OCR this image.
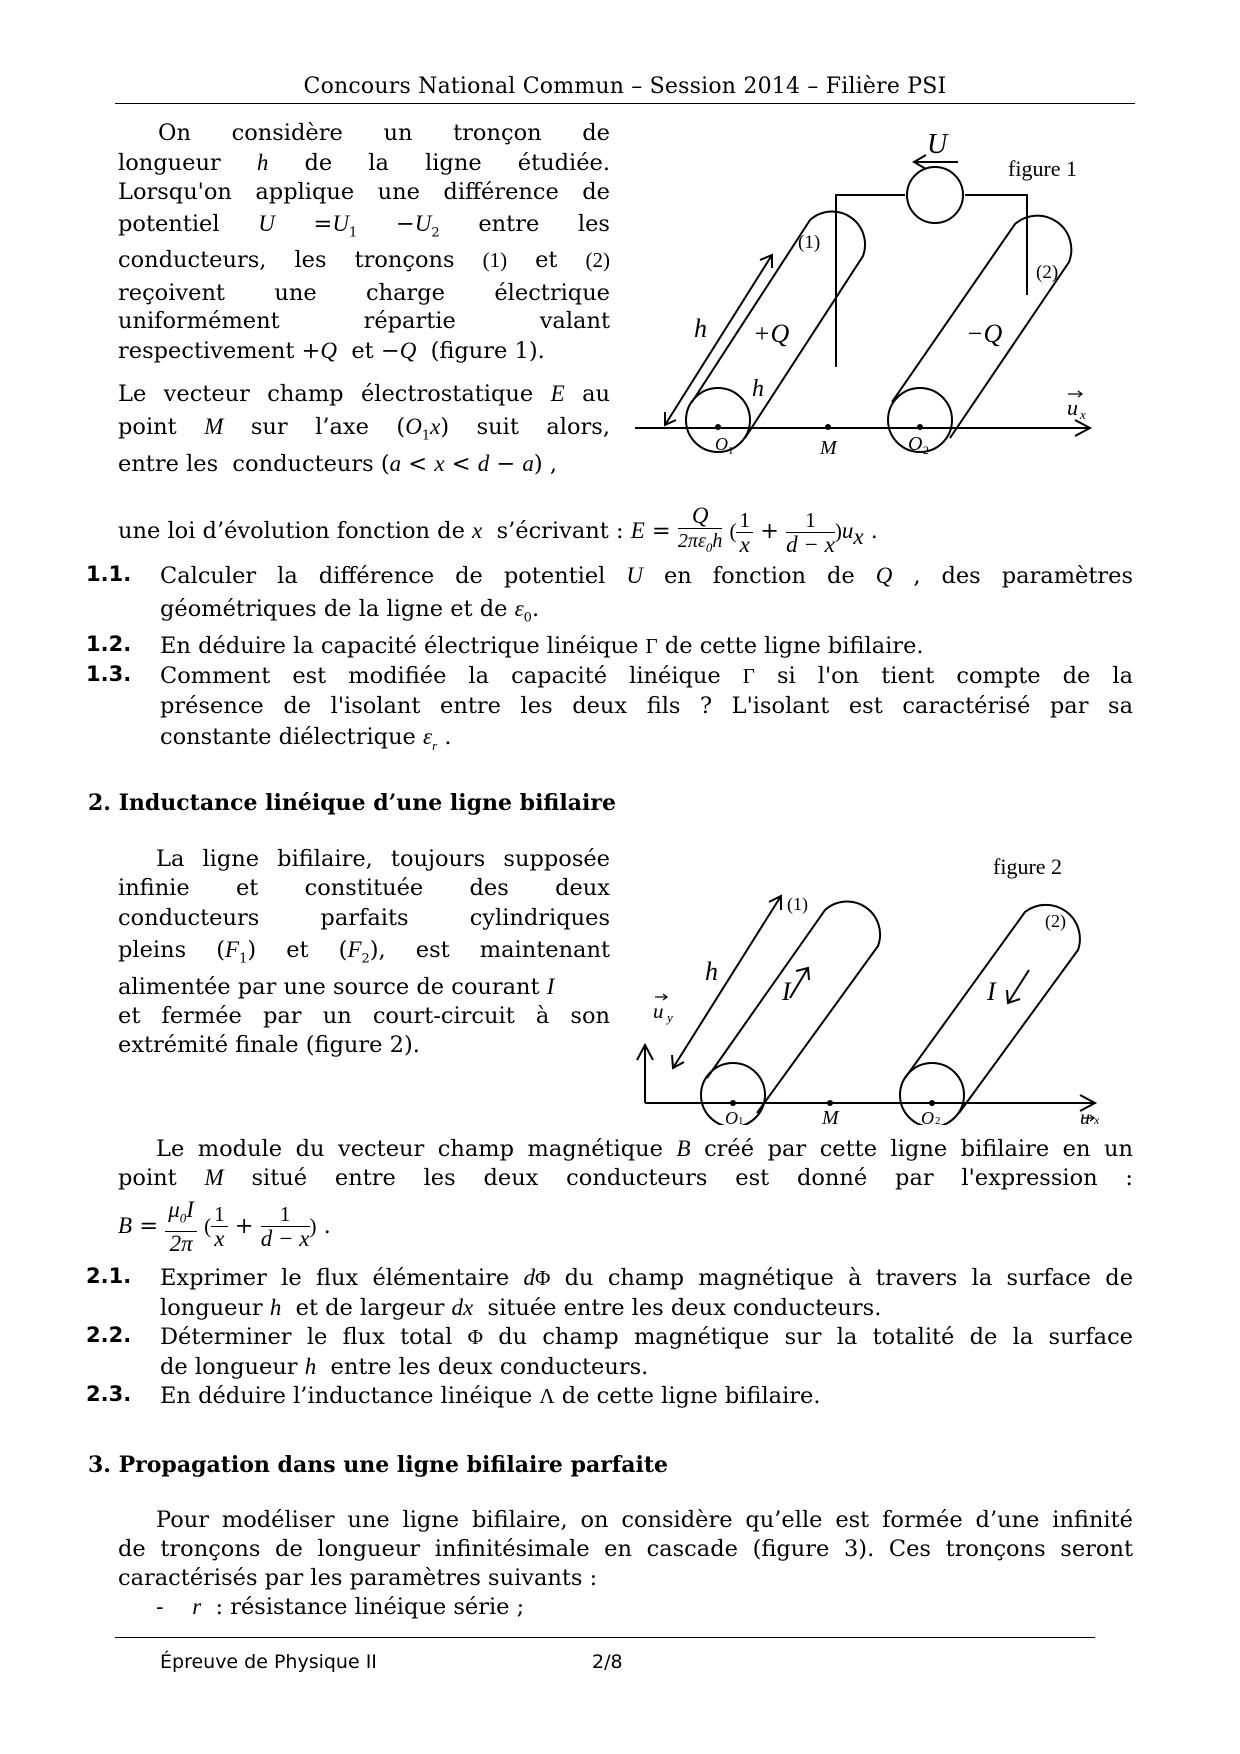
Concours National Commun – Session 2014 – Filière PSI
On considère un tronçon de
longueur h de la ligne étudiée.
Lorsqu'on applique une différence de
potentiel $U =U_1 -U_2$ entre les
conducteurs, les tronçons (1) et (2)
reçoivent une charge électrique
uniformément répartie valant
respectivement +Q  et −Q  (figure 1).
Le vecteur champ électrostatique E au
point M sur l’axe $(O_1x)$ suit alors,
entre les  conducteurs (a < x < d − a) ,
une loi d’évolution fonction de x  s’écrivant : $E = \frac{Q}{2\pi\varepsilon_0h}$ ( $\frac{1}{x} + \frac{1}{d - x} )u_x$ .
U
figure 1
(1)
(2)
h
h
+Q	−Q
u x
O 1	M	O 2
1.1. Calculer la différence de potentiel U en fonction de Q , des paramètres
géométriques de la ligne et de $\varepsilon_0$.
1.2. En déduire la capacité électrique linéique Γ de cette ligne bifilaire.
1.3. Comment est modifiée la capacité linéique Γ si l'on tient compte de la
présence de l'isolant entre les deux fils ? L'isolant est caractérisé par sa
constante diélectrique $\varepsilon_r$ .
2. Inductance linéique d’une ligne bifilaire
La ligne bifilaire, toujours supposée
infinie et constituée des deux
conducteurs parfaits cylindriques
pleins $(F_1)$ et $(F_2)$, est maintenant
alimentée par une source de courant I
et fermée par un court-circuit à son
extrémité finale (figure 2).
figure 2
(1)
(2)
h
I	I
u y
u x
O 1	M	O 2
Le module du vecteur champ magnétique B créé par cette ligne bifilaire en un
point M situé entre les deux conducteurs est donné par l'expression :
$B = \frac{\mu_0I}{2\pi}$ ( $\frac{1}{x} + \frac{1}{d - x}$ ) .
2.1. Exprimer le flux élémentaire dΦ du champ magnétique à travers la surface de
longueur h  et de largeur dx  située entre les deux conducteurs.
2.2. Déterminer le flux total Φ du champ magnétique sur la totalité de la surface
de longueur h  entre les deux conducteurs.
2.3. En déduire l’inductance linéique Λ de cette ligne bifilaire.
3. Propagation dans une ligne bifilaire parfaite
Pour modéliser une ligne bifilaire, on considère qu’elle est formée d’une infinité
de tronçons de longueur infinitésimale en cascade (figure 3). Ces tronçons seront
caractérisés par les paramètres suivants :
-    r  : résistance linéique série ;
Épreuve de Physique II	2/8
